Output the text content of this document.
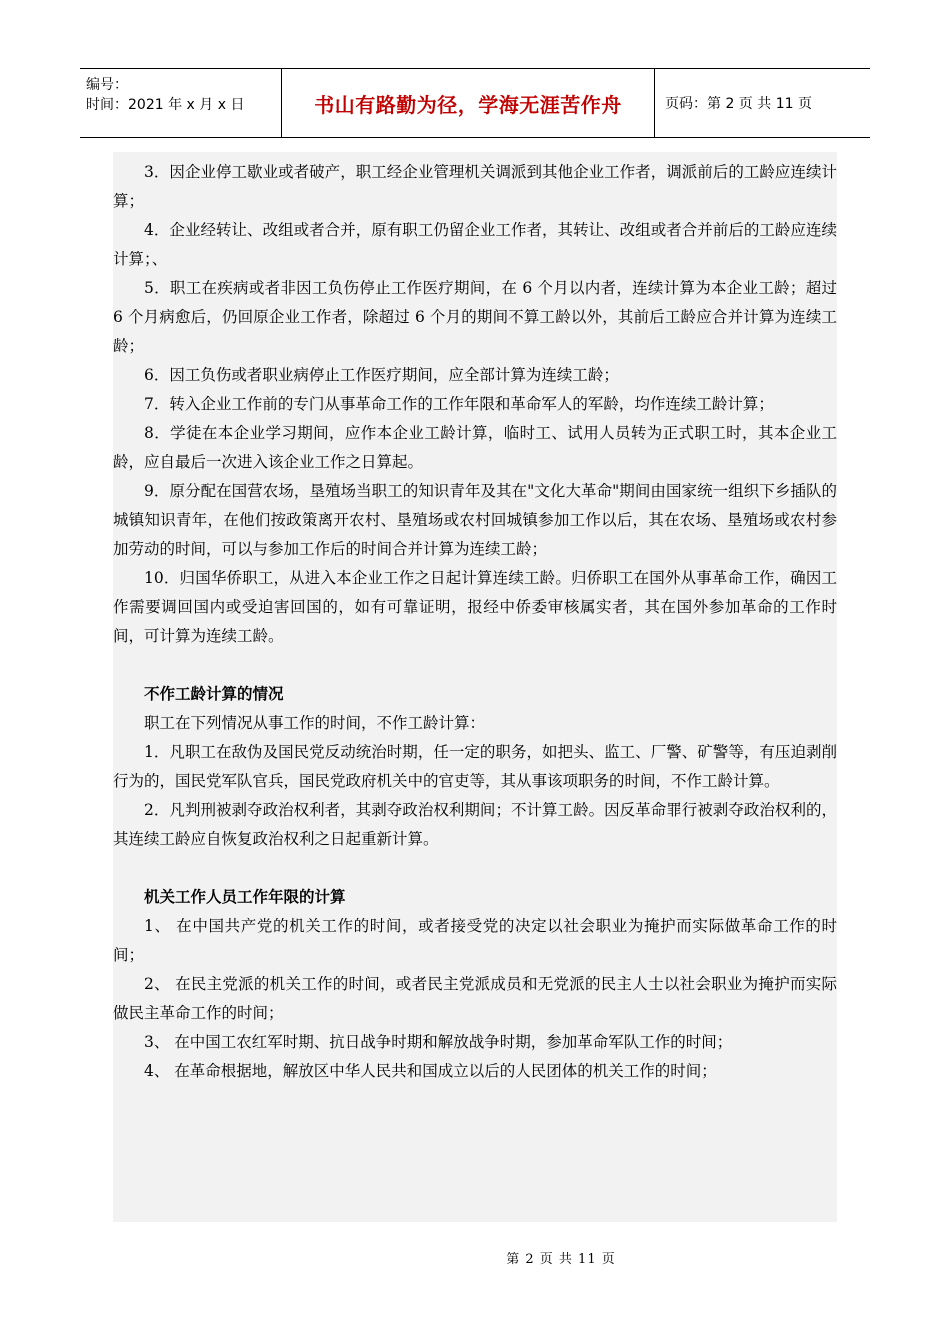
编号：
时间：2021 年 x 月 x 日	书山有路勤为径，学海无涯苦作舟	页码：第 2 页 共 11 页

3．因企业停工歇业或者破产，职工经企业管理机关调派到其他企业工作者，调派前后的工龄应连续计算；

4．企业经转让、改组或者合并，原有职工仍留企业工作者，其转让、改组或者合并前后的工龄应连续计算；、

5．职工在疾病或者非因工负伤停止工作医疗期间，在 6 个月以内者，连续计算为本企业工龄；超过 6 个月病愈后，仍回原企业工作者，除超过 6 个月的期间不算工龄以外，其前后工龄应合并计算为连续工龄；

6．因工负伤或者职业病停止工作医疗期间，应全部计算为连续工龄；

7．转入企业工作前的专门从事革命工作的工作年限和革命军人的军龄，均作连续工龄计算；

8．学徒在本企业学习期间，应作本企业工龄计算，临时工、试用人员转为正式职工时，其本企业工龄，应自最后一次进入该企业工作之日算起。

9．原分配在国营农场，垦殖场当职工的知识青年及其在"文化大革命"期间由国家统一组织下乡插队的城镇知识青年，在他们按政策离开农村、垦殖场或农村回城镇参加工作以后，其在农场、垦殖场或农村参加劳动的时间，可以与参加工作后的时间合并计算为连续工龄；

10．归国华侨职工，从进入本企业工作之日起计算连续工龄。归侨职工在国外从事革命工作，确因工作需要调回国内或受迫害回国的，如有可靠证明，报经中侨委审核属实者，其在国外参加革命的工作时间，可计算为连续工龄。

不作工龄计算的情况

职工在下列情况从事工作的时间，不作工龄计算：

1．凡职工在敌伪及国民党反动统治时期，任一定的职务，如把头、监工、厂警、矿警等，有压迫剥削行为的，国民党军队官兵，国民党政府机关中的官吏等，其从事该项职务的时间，不作工龄计算。

2．凡判刑被剥夺政治权利者，其剥夺政治权利期间；不计算工龄。因反革命罪行被剥夺政治权利的，其连续工龄应自恢复政治权利之日起重新计算。

机关工作人员工作年限的计算

1、 在中国共产党的机关工作的时间，或者接受党的决定以社会职业为掩护而实际做革命工作的时间；

2、 在民主党派的机关工作的时间，或者民主党派成员和无党派的民主人士以社会职业为掩护而实际做民主革命工作的时间；

3、 在中国工农红军时期、抗日战争时期和解放战争时期，参加革命军队工作的时间；

4、 在革命根据地，解放区中华人民共和国成立以后的人民团体的机关工作的时间；

第 2 页 共 11 页
